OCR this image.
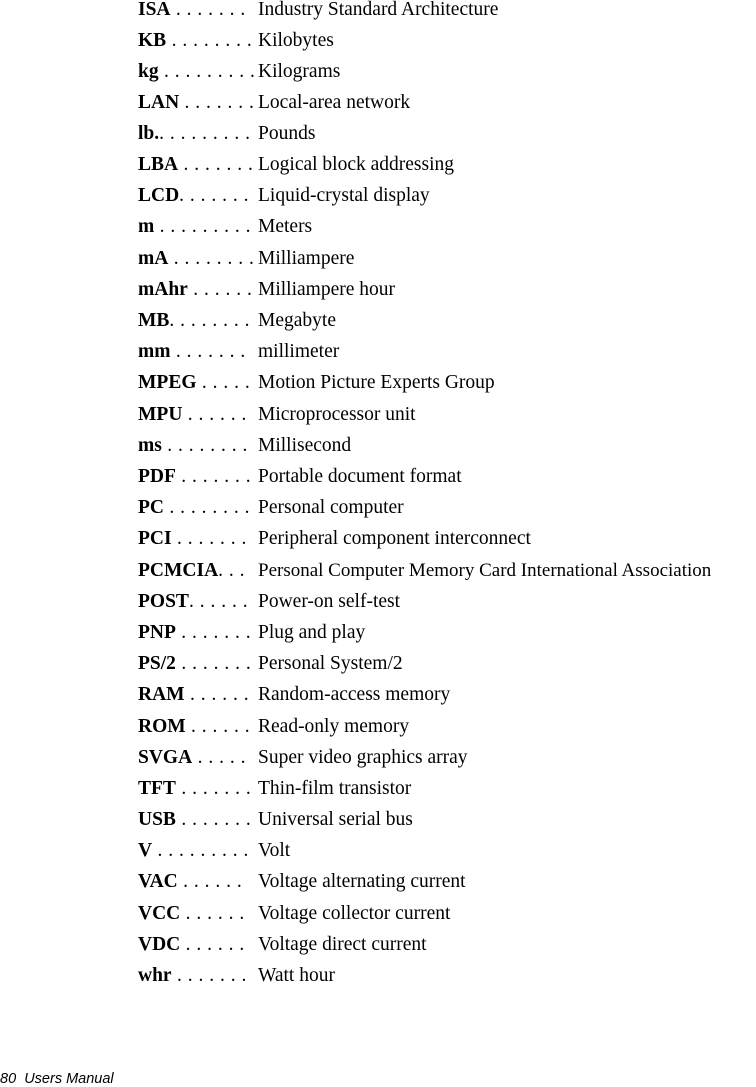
ISA . . . . . . . Industry Standard Architecture
KB . . . . . . . . Kilobytes
kg . . . . . . . . . Kilograms
LAN . . . . . . . Local-area network
lb.. . . . . . . . . Pounds
LBA . . . . . . . Logical block addressing
LCD. . . . . . . Liquid-crystal display
m . . . . . . . . . Meters
mA . . . . . . . . Milliampere
mAhr . . . . . . Milliampere hour
MB. . . . . . . . Megabyte
mm . . . . . . . millimeter
MPEG . . . . . Motion Picture Experts Group
MPU . . . . . . Microprocessor unit
ms . . . . . . . . Millisecond
PDF . . . . . . . Portable document format
PC . . . . . . . . Personal computer
PCI . . . . . . . Peripheral component interconnect
PCMCIA. . . Personal Computer Memory Card International Association
POST. . . . . . Power-on self-test
PNP . . . . . . . Plug and play
PS/2 . . . . . . . Personal System/2
RAM . . . . . . Random-access memory
ROM . . . . . . Read-only memory
SVGA . . . . . Super video graphics array
TFT . . . . . . . Thin-film transistor
USB . . . . . . . Universal serial bus
V . . . . . . . . . Volt
VAC . . . . . . Voltage alternating current
VCC . . . . . . Voltage collector current
VDC . . . . . . Voltage direct current
whr . . . . . . . Watt hour
80 Users Manual
